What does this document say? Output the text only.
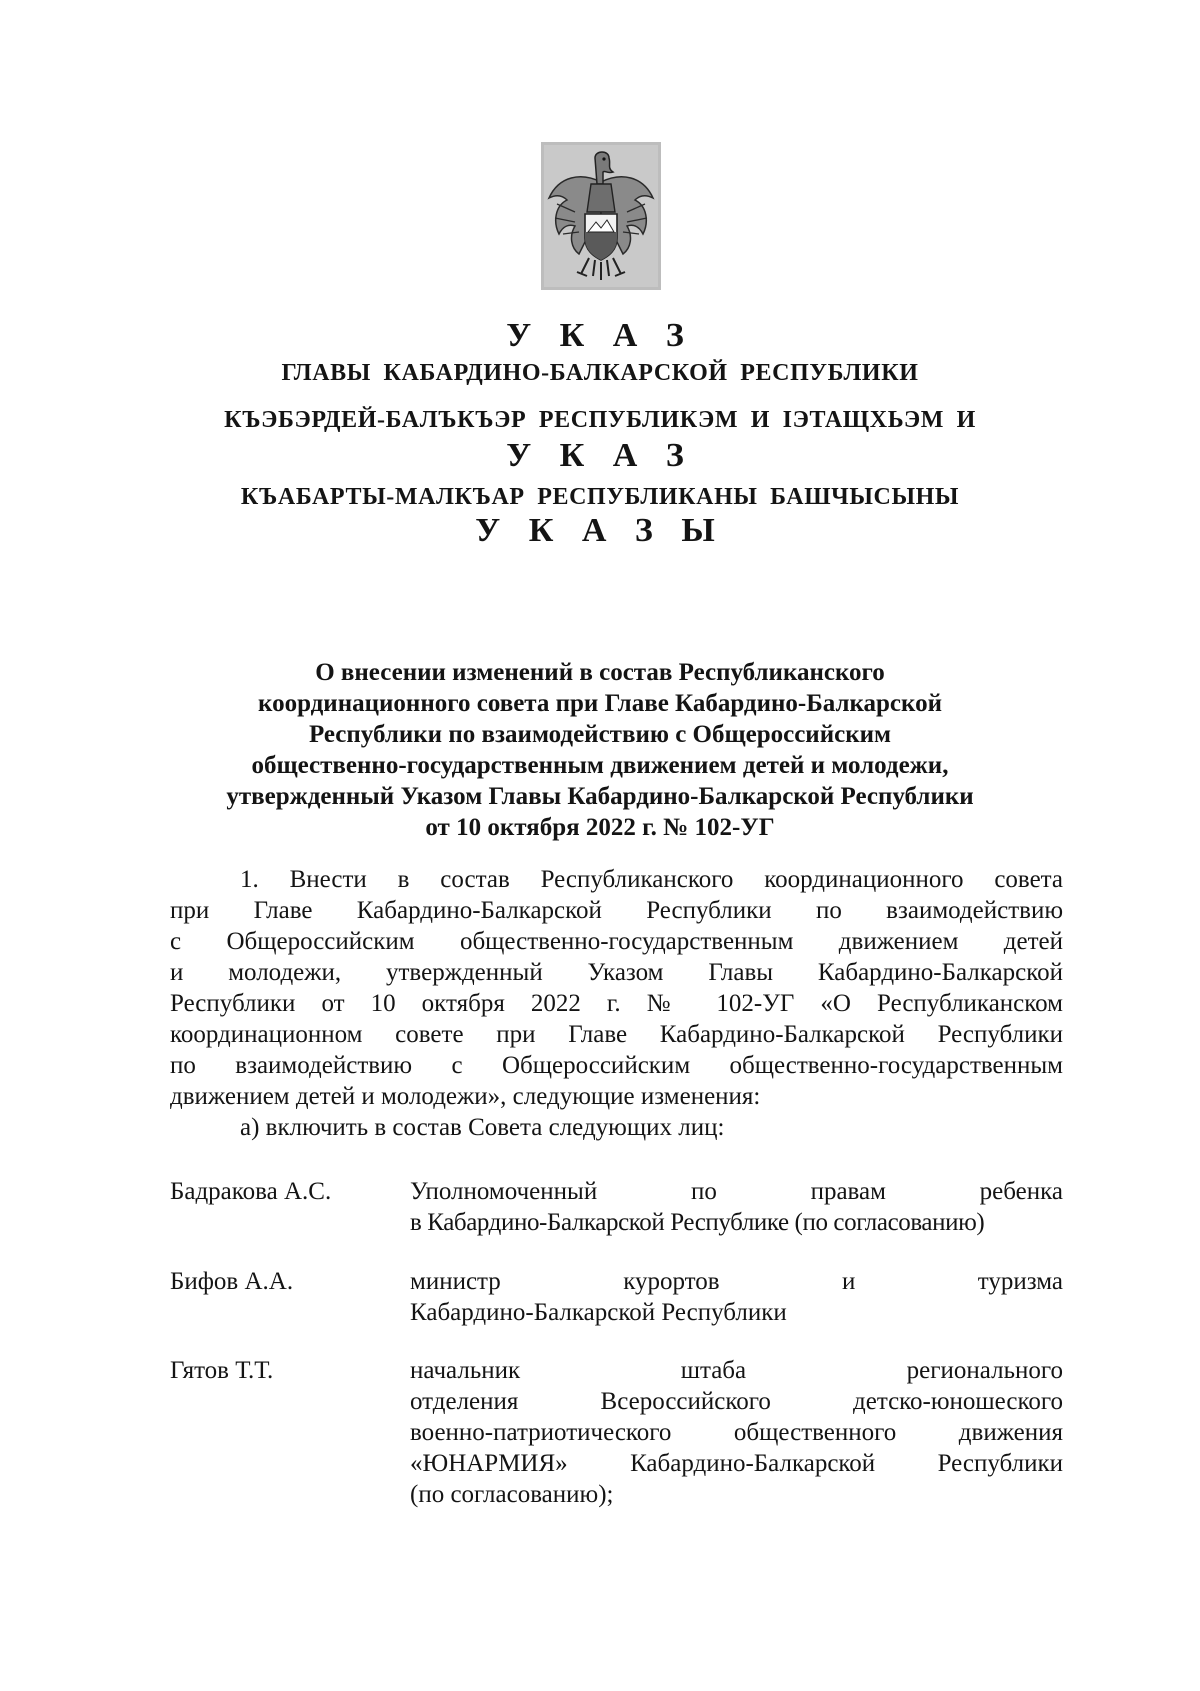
У К А З
ГЛАВЫ КАБАРДИНО-БАЛКАРСКОЙ РЕСПУБЛИКИ
КЪЭБЭРДЕЙ-БАЛЪКЪЭР РЕСПУБЛИКЭМ И IЭТАЩХЬЭМ И
У К А З
КЪАБАРТЫ-МАЛКЪАР РЕСПУБЛИКАНЫ БАШЧЫСЫНЫ
У К А З Ы
О внесении изменений в состав Республиканского
координационного совета при Главе Кабардино-Балкарской
Республики по взаимодействию с Общероссийским
общественно-государственным движением детей и молодежи,
утвержденный Указом Главы Кабардино-Балкарской Республики
от 10 октября 2022 г. № 102-УГ
1. Внести в состав Республиканского координационного совета
при Главе Кабардино-Балкарской Республики по взаимодействию
с Общероссийским общественно-государственным движением детей
и молодежи, утвержденный Указом Главы Кабардино-Балкарской
Республики от 10 октября 2022 г. № 102-УГ «О Республиканском
координационном совете при Главе Кабардино-Балкарской Республики
по взаимодействию с Общероссийским общественно-государственным
движением детей и молодежи», следующие изменения:
а) включить в состав Совета следующих лиц:
Бадракова А.С.	Уполномоченный по правам ребенка
в Кабардино-Балкарской Республике (по согласованию)
Бифов А.А.	министр курортов и туризма
Кабардино-Балкарской Республики
Гятов Т.Т.	начальник штаба регионального
отделения Всероссийского детско-юношеского
военно-патриотического общественного движения
«ЮНАРМИЯ» Кабардино-Балкарской Республики
(по согласованию);
